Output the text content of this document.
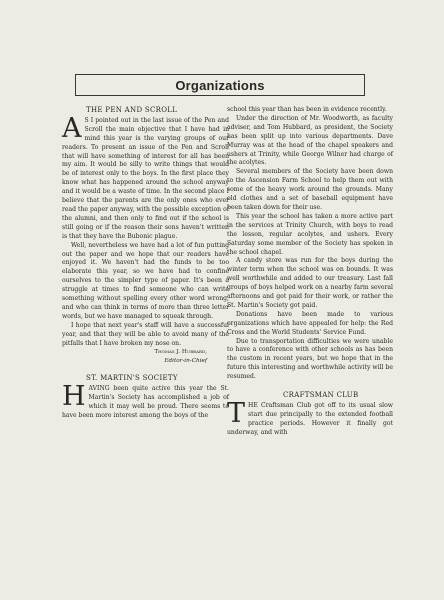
Organizations
THE PEN AND SCROLL

A S I pointed out in the last issue of the Pen and Scroll the main objective that I have had in mind this year is the varying groups of our readers. To present an issue of the Pen and Scroll that will have something of interest for all has been my aim. It would be silly to write things that would be of interest only to the boys. In the first place they know what has happened around the school anyway and it would be a waste of time. In the second place I believe that the parents are the only ones who ever read the paper anyway, with the possible exception of the alumni, and then only to find out if the school is still going or if the reason their sons haven't written is that they have the Bubonic plague.

Well, nevertheless we have had a lot of fun putting out the paper and we hope that our readers have enjoyed it. We haven't had the funds to be too elaborate this year, so we have had to confine ourselves to the simpler type of paper. It's been a struggle at times to find someone who can write something without spelling every other word wrong, and who can think in terms of more than three letter words, but we have managed to squeak through.

I hope that next year's staff will have a successful year, and that they will be able to avoid many of the pitfalls that I have broken my nose on.

Thomas J. Hubbard,
Editor-in-Chief
ST. MARTIN'S SOCIETY

HAVING been quite active this year the St. Martin's Society has accomplished a job of which it may well be proud. There seems to have been more interest among the boys of the

school this year than has been in evidence recently.

Under the direction of Mr. Woodworth, as faculty adviser, and Tom Hubbard, as president, the Society has been split up into various departments. Dave Murray was at the head of the chapel speakers and ushers at Trinity, while George Wilner had charge of the acolytes.

Several members of the Society have been down to the Ascension Farm School to help them out with some of the heavy work around the grounds. Many old clothes and a set of baseball equipment have been taken down for their use.

This year the school has taken a more active part in the services at Trinity Church, with boys to read the lesson, regular acolytes, and ushers. Every Saturday some member of the Society has spoken in the school chapel.

A candy store was run for the boys during the winter term when the school was on bounds. It was well worthwhile and added to our treasury. Last fall groups of boys helped work on a nearby farm several afternoons and got paid for their work, or rather the St. Martin's Society got paid.

Donations have been made to various organizations which have appealed for help: the Red Cross and the World Students' Service Fund.

Due to transportation difficulties we were unable to have a conference with other schools as has been the custom in recent years, but we hope that in the future this interesting and worthwhile activity will be resumed.

CRAFTSMAN CLUB

THE Craftsman Club got off to its usual slow start due principally to the extended football practice periods. However it finally got underway, and with
